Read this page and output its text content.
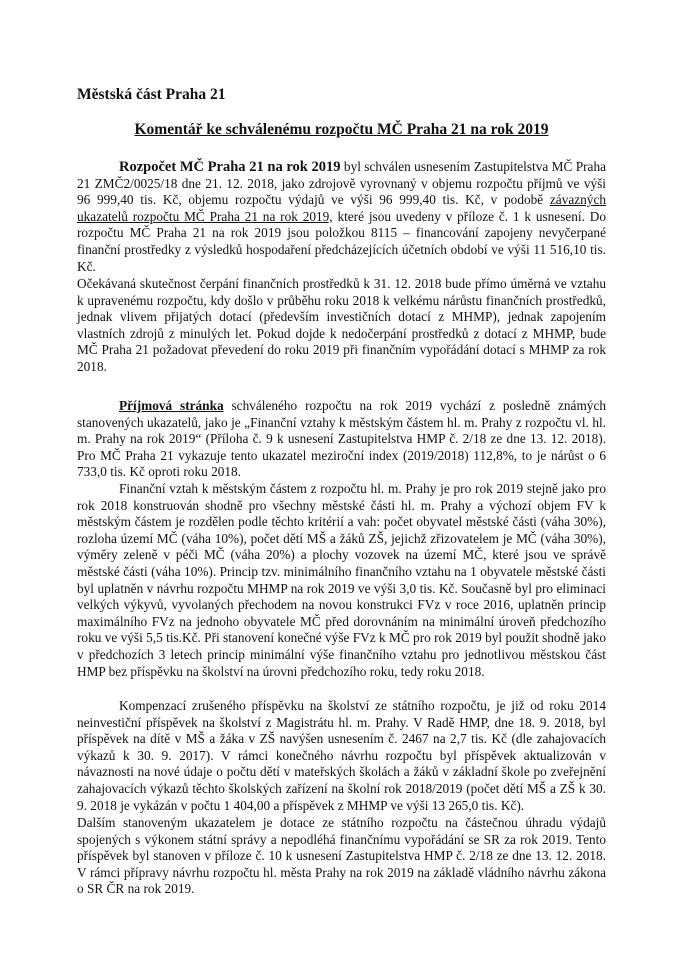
Městská část Praha 21
Komentář ke schválenému rozpočtu MČ Praha 21 na rok 2019

Rozpočet MČ Praha 21 na rok 2019 byl schválen usnesením Zastupitelstva MČ Praha 21 ZMČ2/0025/18 dne 21. 12. 2018, jako zdrojově vyrovnaný v objemu rozpočtu příjmů ve výši 96 999,40 tis. Kč, objemu rozpočtu výdajů ve výši 96 999,40 tis. Kč, v podobě závazných ukazatelů rozpočtu MČ Praha 21 na rok 2019, které jsou uvedeny v příloze č. 1 k usnesení. Do rozpočtu MČ Praha 21 na rok 2019 jsou položkou 8115 – financování zapojeny nevyčerpané finanční prostředky z výsledků hospodaření předcházejících účetních období ve výši 11 516,10 tis. Kč.

Očekávaná skutečnost čerpání finančních prostředků k 31. 12. 2018 bude přímo úměrná ve vztahu k upravenému rozpočtu, kdy došlo v průběhu roku 2018 k velkému nárůstu finančních prostředků, jednak vlivem přijatých dotací (především investičních dotací z MHMP), jednak zapojením vlastních zdrojů z minulých let. Pokud dojde k nedočerpání prostředků z dotací z MHMP, bude MČ Praha 21 požadovat převedení do roku 2019 při finančním vypořádání dotací s MHMP za rok 2018.

Příjmová stránka schváleného rozpočtu na rok 2019 vychází z posledně známých stanovených ukazatelů, jako je „Finanční vztahy k městským částem hl. m. Prahy z rozpočtu vl. hl. m. Prahy na rok 2019“ (Příloha č. 9 k usnesení Zastupitelstva HMP č. 2/18 ze dne 13. 12. 2018). Pro MČ Praha 21 vykazuje tento ukazatel meziroční index (2019/2018) 112,8%, to je nárůst o 6 733,0 tis. Kč oproti roku 2018.

Finanční vztah k městským částem z rozpočtu hl. m. Prahy je pro rok 2019 stejně jako pro rok 2018 konstruován shodně pro všechny městské části hl. m. Prahy a výchozí objem FV k městským částem je rozdělen podle těchto kritérií a vah: počet obyvatel městské části (váha 30%), rozloha území MČ (váha 10%), počet dětí MŠ a žáků ZŠ, jejichž zřizovatelem je MČ (váha 30%), výměry zeleně v péči MČ (váha 20%) a plochy vozovek na území MČ, které jsou ve správě městské části (váha 10%). Princip tzv. minimálního finančního vztahu na 1 obyvatele městské části byl uplatněn v návrhu rozpočtu MHMP na rok 2019 ve výši 3,0 tis. Kč. Současně byl pro eliminaci velkých výkyvů, vyvolaných přechodem na novou konstrukci FVz v roce 2016, uplatněn princip maximálního FVz na jednoho obyvatele MČ před dorovnáním na minimální úroveň předchozího roku ve výši 5,5 tis.Kč. Při stanovení konečné výše FVz k MČ pro rok 2019 byl použit shodně jako v předchozích 3 letech princip minimální výše finančního vztahu pro jednotlivou městskou část HMP bez příspěvku na školství na úrovni předchozího roku, tedy roku 2018.

Kompenzací zrušeného příspěvku na školství ze státního rozpočtu, je již od roku 2014 neinvestiční příspěvek na školství z Magistrátu hl. m. Prahy. V Radě HMP, dne 18. 9. 2018, byl příspěvek na dítě v MŠ a žáka v ZŠ navýšen usnesením č. 2467 na 2,7 tis. Kč (dle zahajovacích výkazů k 30. 9. 2017). V rámci konečného návrhu rozpočtu byl příspěvek aktualizován v návaznosti na nové údaje o počtu dětí v mateřských školách a žáků v základní škole po zveřejnění zahajovacích výkazů těchto školských zařízení na školní rok 2018/2019 (počet dětí MŠ a ZŠ k 30. 9. 2018 je vykázán v počtu 1 404,00 a příspěvek z MHMP ve výši 13 265,0 tis. Kč).

Dalším stanoveným ukazatelem je dotace ze státního rozpočtu na částečnou úhradu výdajů spojených s výkonem státní správy a nepodléhá finančnímu vypořádání se SR za rok 2019. Tento příspěvek byl stanoven v příloze č. 10 k usnesení Zastupitelstva HMP č. 2/18 ze dne 13. 12. 2018. V rámci přípravy návrhu rozpočtu hl. města Prahy na rok 2019 na základě vládního návrhu zákona o SR ČR na rok 2019.
